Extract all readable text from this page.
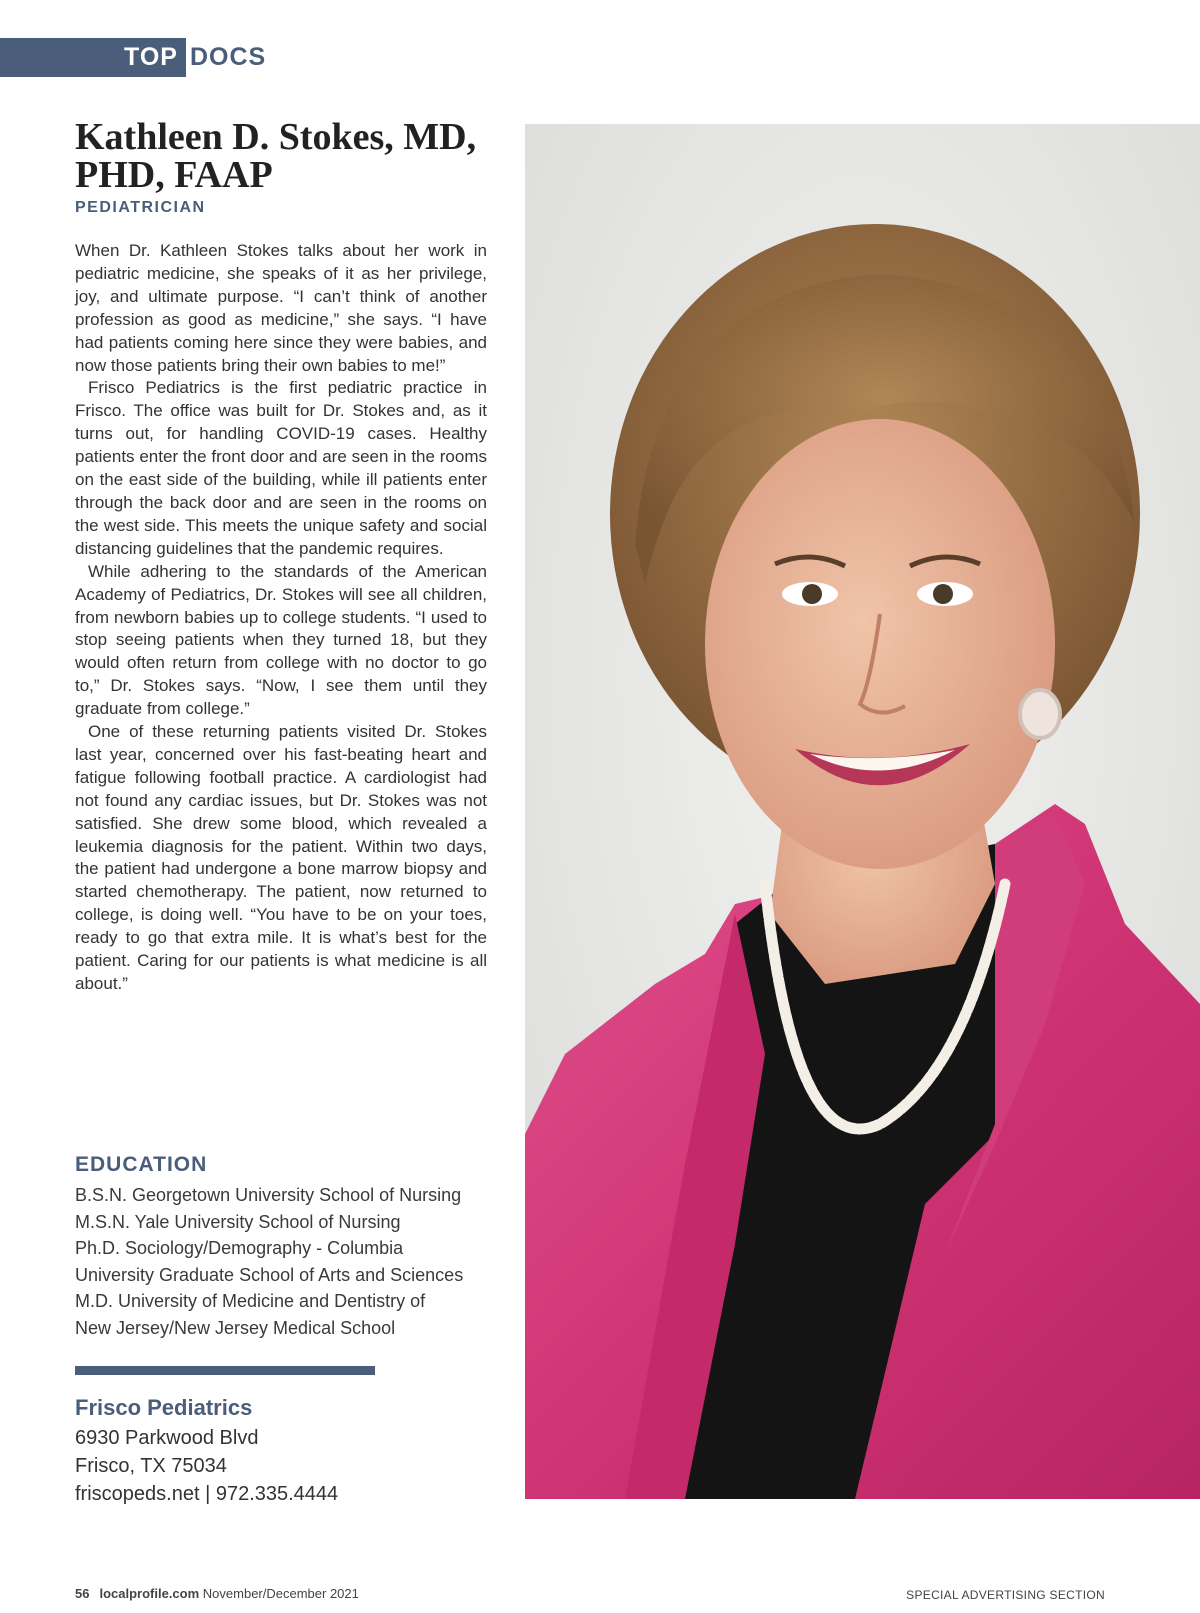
TOP DOCS
Kathleen D. Stokes, MD, PHD, FAAP
PEDIATRICIAN

When Dr. Kathleen Stokes talks about her work in pediatric medicine, she speaks of it as her privilege, joy, and ultimate purpose. “I can’t think of another profession as good as medicine,” she says. “I have had patients coming here since they were babies, and now those patients bring their own babies to me!”

Frisco Pediatrics is the first pediatric practice in Frisco. The office was built for Dr. Stokes and, as it turns out, for handling COVID-19 cases. Healthy patients enter the front door and are seen in the rooms on the east side of the building, while ill patients enter through the back door and are seen in the rooms on the west side. This meets the unique safety and social distancing guidelines that the pandemic requires.

While adhering to the standards of the American Academy of Pediatrics, Dr. Stokes will see all children, from newborn babies up to college students. “I used to stop seeing patients when they turned 18, but they would often return from college with no doctor to go to,” Dr. Stokes says. “Now, I see them until they graduate from college.”

One of these returning patients visited Dr. Stokes last year, concerned over his fast-beating heart and fatigue following football practice. A cardiologist had not found any cardiac issues, but Dr. Stokes was not satisfied. She drew some blood, which revealed a leukemia diagnosis for the patient. Within two days, the patient had undergone a bone marrow biopsy and started chemotherapy. The patient, now returned to college, is doing well. “You have to be on your toes, ready to go that extra mile. It is what’s best for the patient. Caring for our patients is what medicine is all about.”

EDUCATION
B.S.N. Georgetown University School of Nursing
M.S.N. Yale University School of Nursing
Ph.D. Sociology/Demography - Columbia
University Graduate School of Arts and Sciences
M.D. University of Medicine and Dentistry of
New Jersey/New Jersey Medical School
Frisco Pediatrics
6930 Parkwood Blvd
Frisco, TX 75034
friscopeds.net | 972.335.4444
56 localprofile.com November/December 2021	SPECIAL ADVERTISING SECTION
